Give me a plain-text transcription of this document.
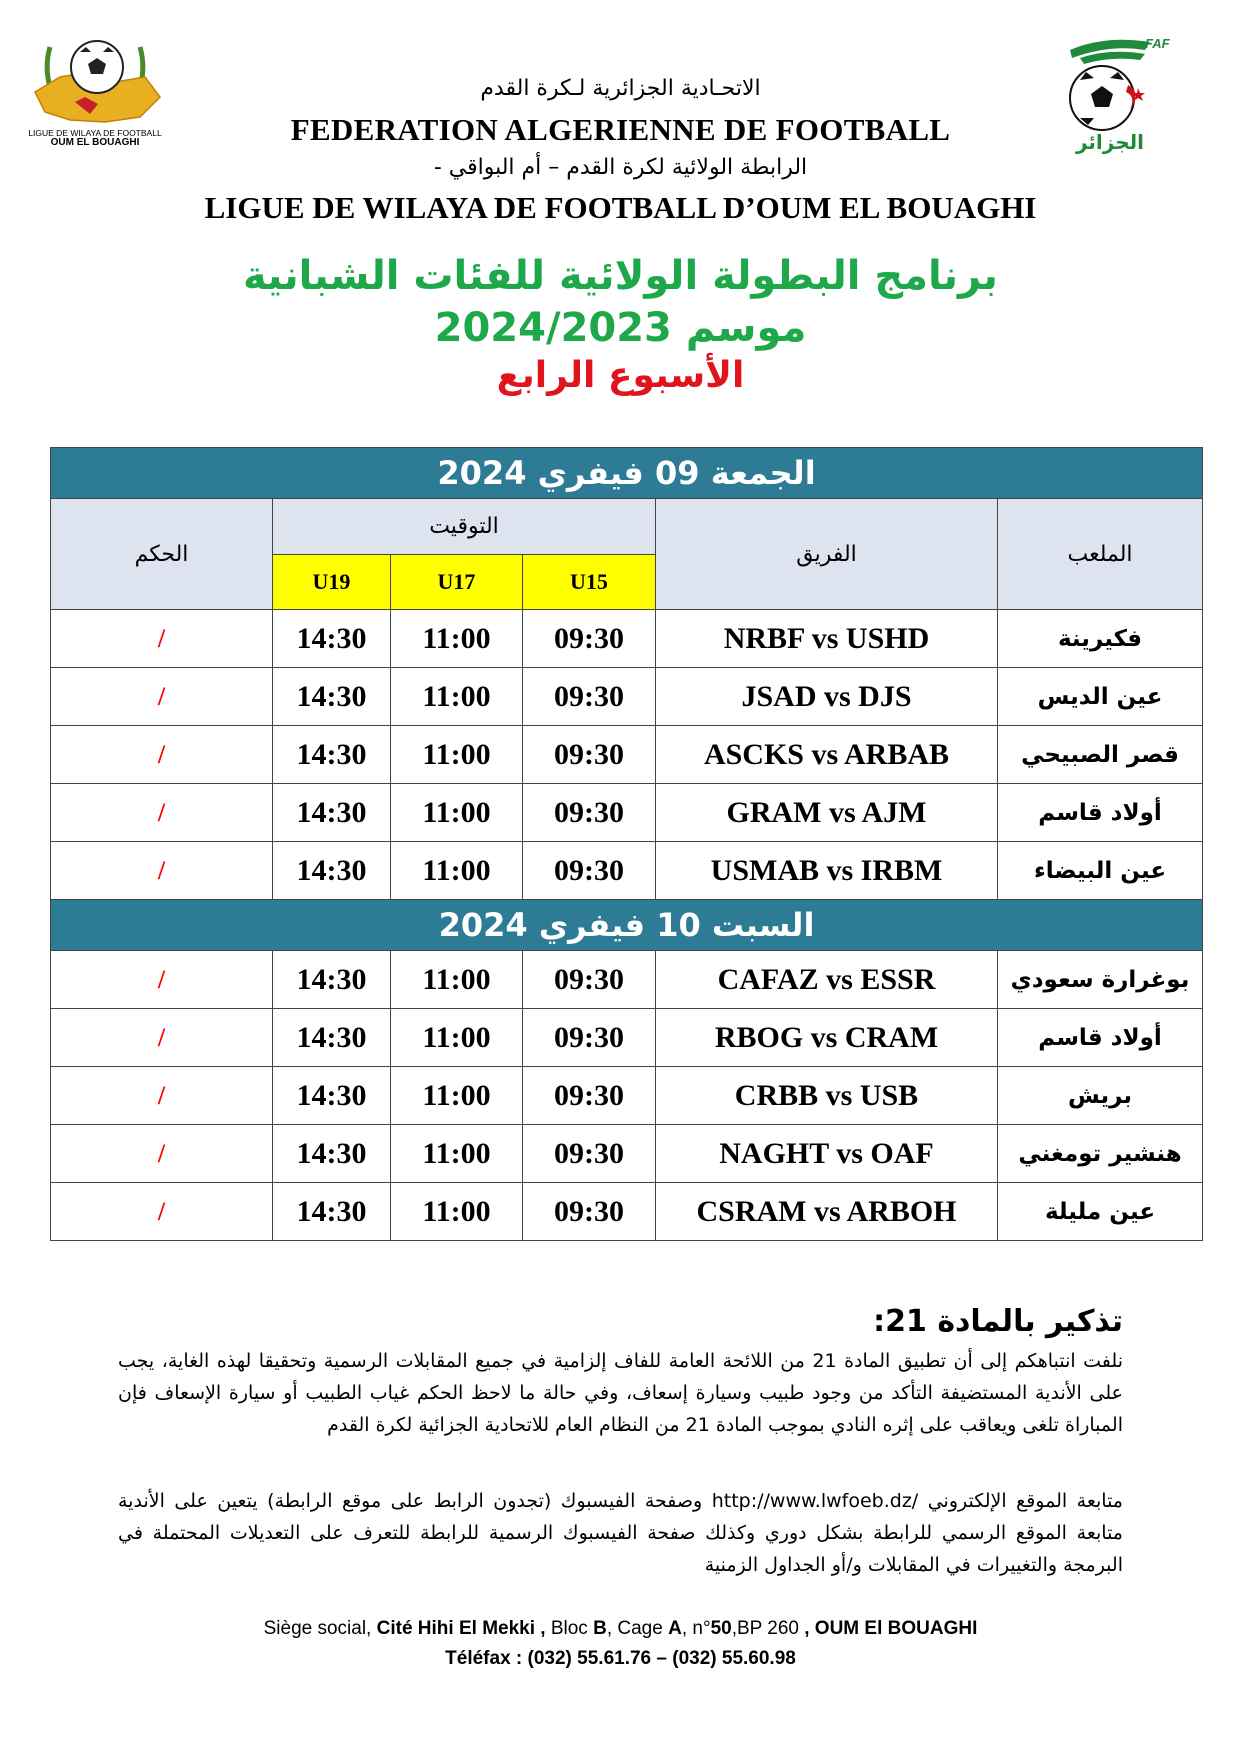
LIGUE DE WILAYA DE FOOTBALL
OUM EL BOUAGHI
FAF
الجزائر
الاتحـادية الجزائرية لـكرة القدم
FEDERATION ALGERIENNE DE FOOTBALL
الرابطة الولائية لكرة القدم – أم البواقي -
LIGUE DE WILAYA DE FOOTBALL D’OUM EL BOUAGHI
برنامج البطولة الولائية للفئات الشبانية
موسم 2024/2023
الأسبوع الرابع
الجمعة 09 فيفري 2024					
الحكم	التوقيت			الفريق	الملعب
	U19	U17	U15		
/	14:30	11:00	09:30	NRBF vs USHD	فكيرينة
/	14:30	11:00	09:30	JSAD vs DJS	عين الديس
/	14:30	11:00	09:30	ASCKS vs ARBAB	قصر الصبيحي
/	14:30	11:00	09:30	GRAM vs AJM	أولاد قاسم
/	14:30	11:00	09:30	USMAB vs IRBM	عين البيضاء
السبت 10 فيفري 2024					
/	14:30	11:00	09:30	CAFAZ vs ESSR	بوغرارة سعودي
/	14:30	11:00	09:30	RBOG vs CRAM	أولاد قاسم
/	14:30	11:00	09:30	CRBB vs USB	بريش
/	14:30	11:00	09:30	NAGHT vs OAF	هنشير تومغني
/	14:30	11:00	09:30	CSRAM vs ARBOH	عين مليلة
تذكير بالمادة 21:
نلفت انتباهكم إلى أن تطبيق المادة 21 من اللائحة العامة للفاف إلزامية في جميع المقابلات الرسمية وتحقيقا لهذه الغاية، يجب على الأندية المستضيفة التأكد من وجود طبيب وسيارة إسعاف، وفي حالة ما لاحظ الحكم غياب الطبيب أو سيارة الإسعاف فإن المباراة تلغى ويعاقب على إثره النادي بموجب المادة 21 من النظام العام للاتحادية الجزائية لكرة القدم
متابعة الموقع الإلكتروني /http://www.lwfoeb.dz وصفحة الفيسبوك (تجدون الرابط على موقع الرابطة) يتعين على الأندية متابعة الموقع الرسمي للرابطة بشكل دوري وكذلك صفحة الفيسبوك الرسمية للرابطة للتعرف على التعديلات المحتملة في البرمجة والتغييرات في المقابلات و/أو الجداول الزمنية
Siège social, Cité Hihi El Mekki , Bloc B, Cage A, n°50,BP 260 , OUM El BOUAGHI
Téléfax : (032) 55.61.76 – (032) 55.60.98
